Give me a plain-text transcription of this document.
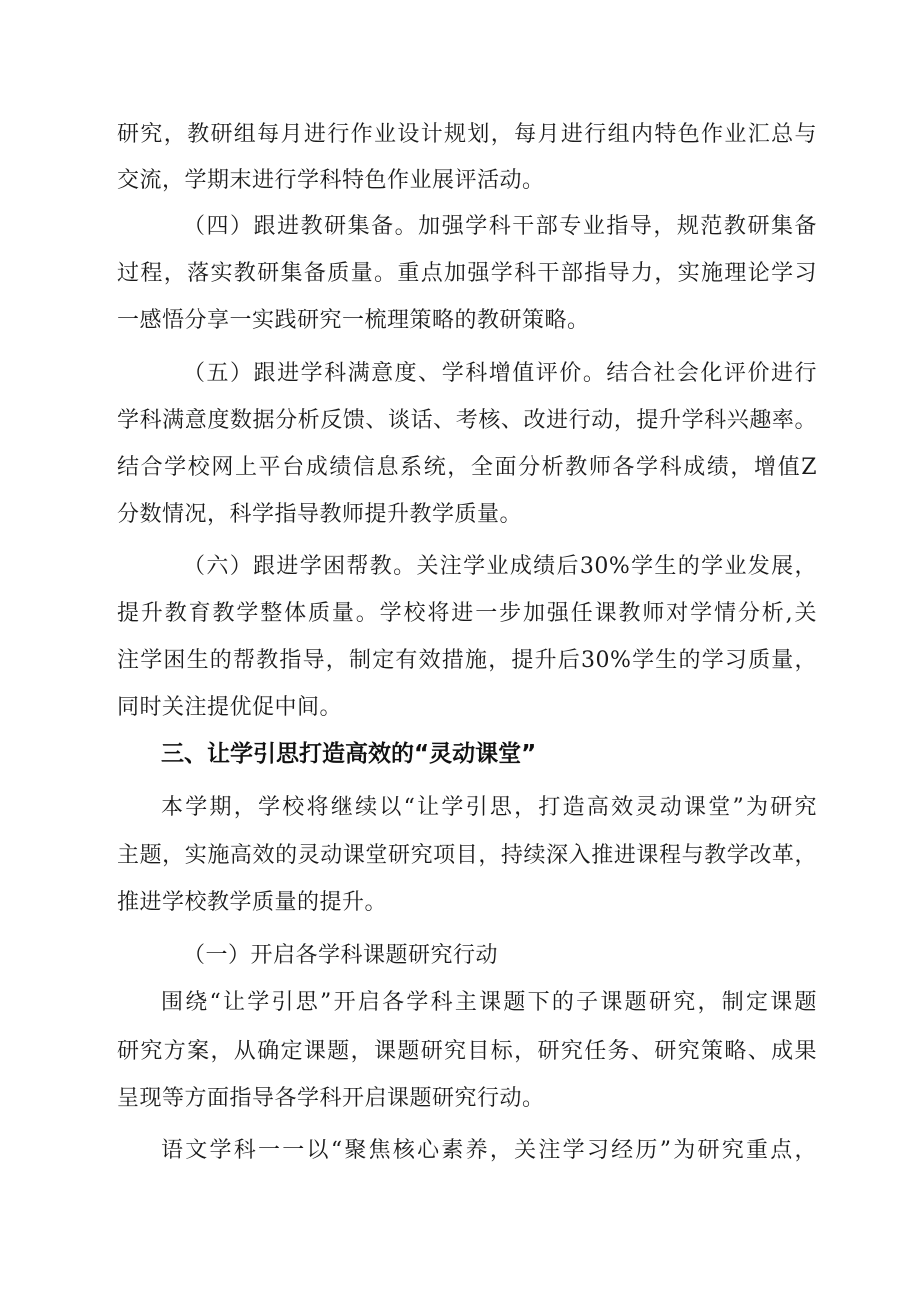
研究，教研组每月进行作业设计规划，每月进行组内特色作业汇总与
交流，学期末进行学科特色作业展评活动。
（四）跟进教研集备。加强学科干部专业指导，规范教研集备
过程，落实教研集备质量。重点加强学科干部指导力，实施理论学习
一感悟分享一实践研究一梳理策略的教研策略。
（五）跟进学科满意度、学科增值评价。结合社会化评价进行
学科满意度数据分析反馈、谈话、考核、改进行动，提升学科兴趣率。
结合学校网上平台成绩信息系统，全面分析教师各学科成绩，增值Z
分数情况，科学指导教师提升教学质量。
（六）跟进学困帮教。关注学业成绩后30%学生的学业发展，
提升教育教学整体质量。学校将进一步加强任课教师对学情分析,关
注学困生的帮教指导，制定有效措施，提升后30%学生的学习质量，
同时关注提优促中间。
三、让学引思打造高效的“灵动课堂”
本学期，学校将继续以“让学引思，打造高效灵动课堂”为研究
主题，实施高效的灵动课堂研究项目，持续深入推进课程与教学改革，
推进学校教学质量的提升。
（一）开启各学科课题研究行动
围绕“让学引思”开启各学科主课题下的子课题研究，制定课题
研究方案，从确定课题，课题研究目标，研究任务、研究策略、成果
呈现等方面指导各学科开启课题研究行动。
语文学科一一以“聚焦核心素养，关注学习经历”为研究重点，
